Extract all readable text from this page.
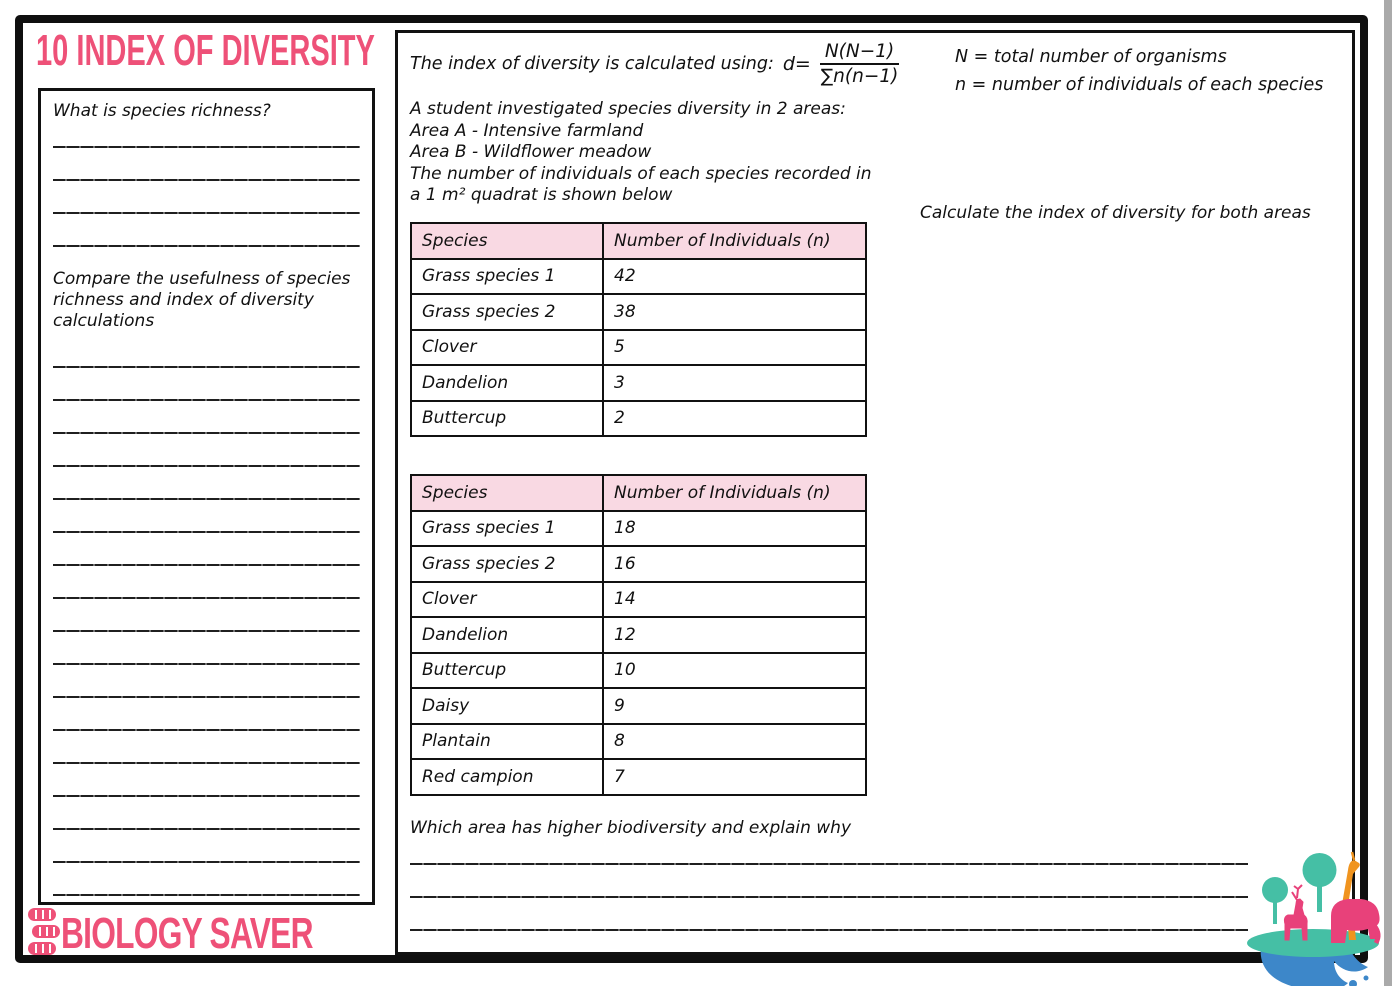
10 INDEX OF DIVERSITY
What is species richness?
Compare the usefulness of species richness and index of diversity calculations
BIOLOGY SAVER
The index of diversity is calculated using: $d= \frac{N(N-1)}{\sum n(n-1)}$	N = total number of organisms
n = number of individuals of each species
A student investigated species diversity in 2 areas:
Area A - Intensive farmland
Area B - Wildflower meadow
The number of individuals of each species recorded in
a 1 m² quadrat is shown below
Calculate the index of diversity for both areas
Species	Number of Individuals (n)
Grass species 1	42
Grass species 2	38
Clover	5
Dandelion	3
Buttercup	2
Species	Number of Individuals (n)
Grass species 1	18
Grass species 2	16
Clover	14
Dandelion	12
Buttercup	10
Daisy	9
Plantain	8
Red campion	7
Which area has higher biodiversity and explain why
